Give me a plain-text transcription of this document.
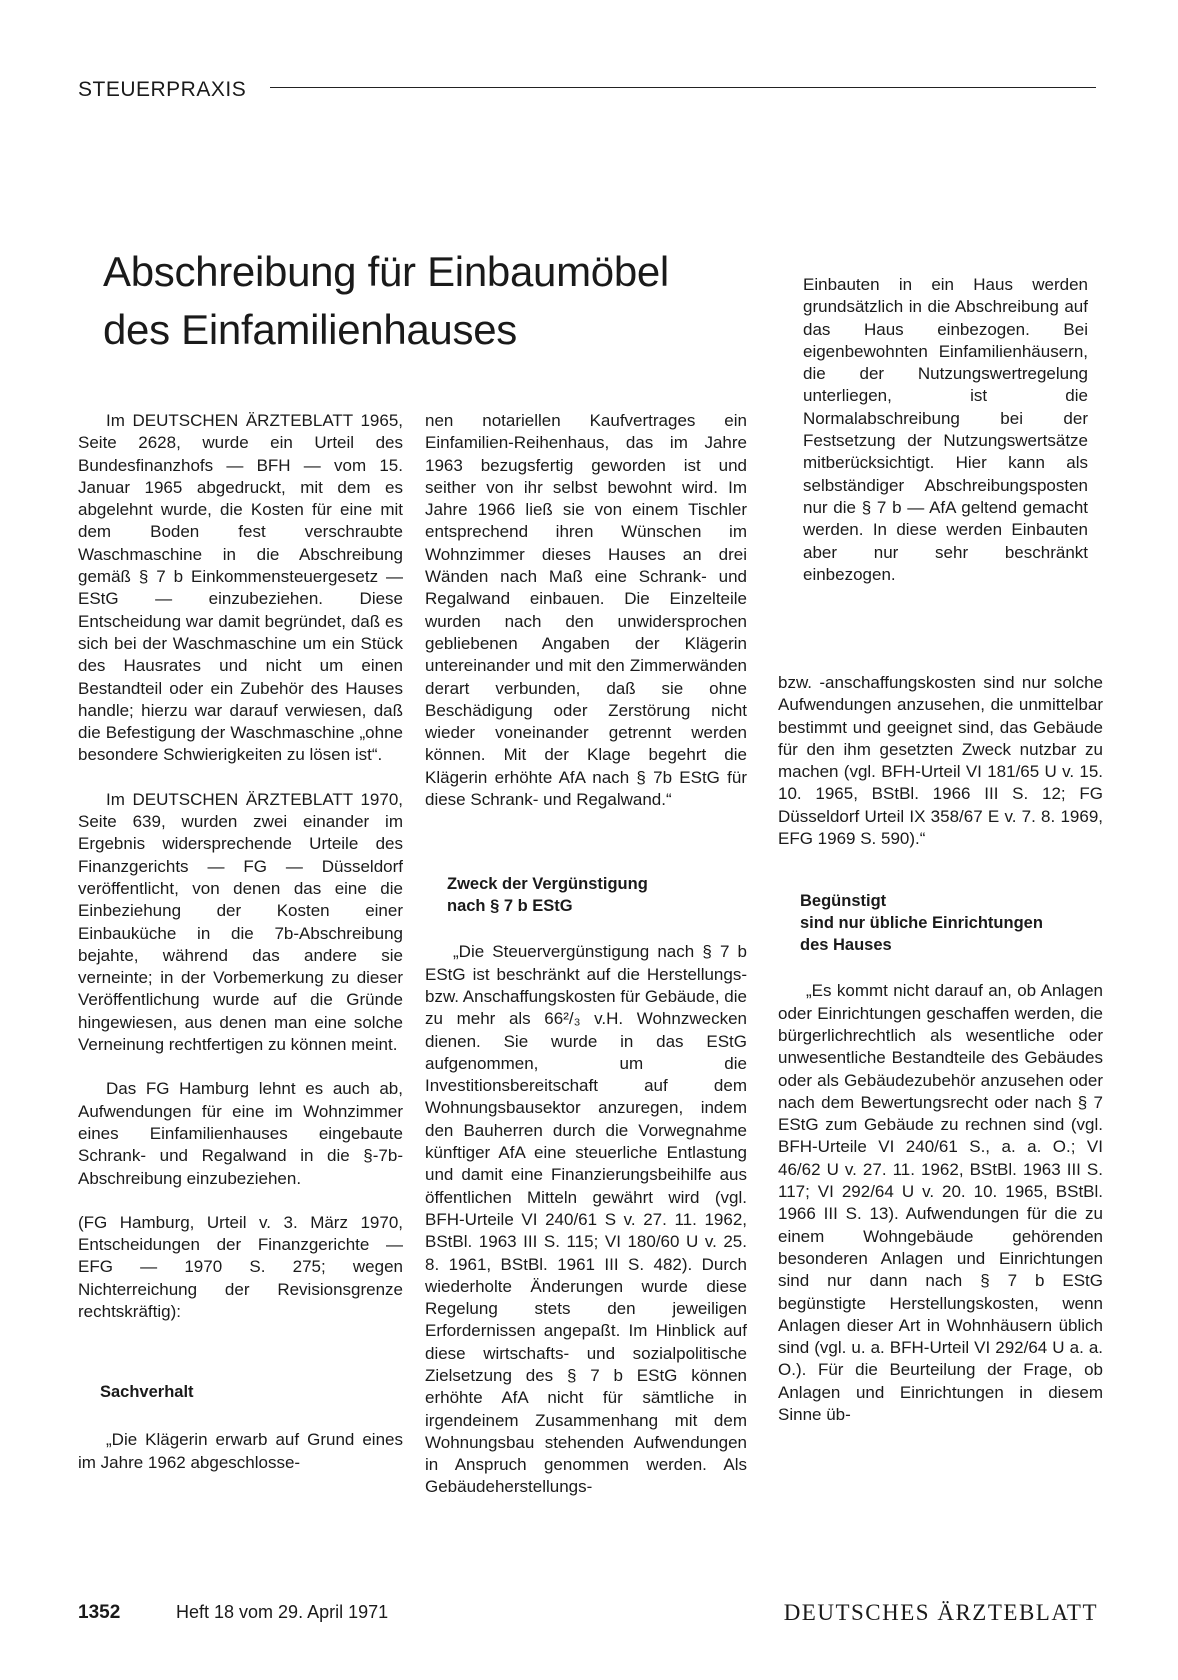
STEUERPRAXIS
Abschreibung für Einbaumöbel
des Einfamilienhauses

Einbauten in ein Haus werden grundsätzlich in die Abschreibung auf das Haus einbezogen. Bei eigenbewohnten Einfamilienhäusern, die der Nutzungswertregelung unterliegen, ist die Normalabschreibung bei der Festsetzung der Nutzungswertsätze mitberücksichtigt. Hier kann als selbständiger Abschreibungsposten nur die § 7 b — AfA geltend gemacht werden. In diese werden Einbauten aber nur sehr beschränkt einbezogen.

Im DEUTSCHEN ÄRZTEBLATT 1965, Seite 2628, wurde ein Urteil des Bundesfinanzhofs — BFH — vom 15. Januar 1965 abgedruckt, mit dem es abgelehnt wurde, die Kosten für eine mit dem Boden fest verschraubte Waschmaschine in die Abschreibung gemäß § 7 b Einkommensteuergesetz — EStG — einzubeziehen. Diese Entscheidung war damit begründet, daß es sich bei der Waschmaschine um ein Stück des Hausrates und nicht um einen Bestandteil oder ein Zubehör des Hauses handle; hierzu war darauf verwiesen, daß die Befestigung der Waschmaschine „ohne besondere Schwierigkeiten zu lösen ist“.

Im DEUTSCHEN ÄRZTEBLATT 1970, Seite 639, wurden zwei einander im Ergebnis widersprechende Urteile des Finanzgerichts — FG — Düsseldorf veröffentlicht, von denen das eine die Einbeziehung der Kosten einer Einbauküche in die 7b-Abschreibung bejahte, während das andere sie verneinte; in der Vorbemerkung zu dieser Veröffentlichung wurde auf die Gründe hingewiesen, aus denen man eine solche Verneinung rechtfertigen zu können meint.

Das FG Hamburg lehnt es auch ab, Aufwendungen für eine im Wohnzimmer eines Einfamilienhauses eingebaute Schrank- und Regalwand in die §-7b-Abschreibung einzubeziehen.

(FG Hamburg, Urteil v. 3. März 1970, Entscheidungen der Finanzgerichte — EFG — 1970 S. 275; wegen Nichterreichung der Revisionsgrenze rechtskräftig):

Sachverhalt

„Die Klägerin erwarb auf Grund eines im Jahre 1962 abgeschlosse-

nen notariellen Kaufvertrages ein Einfamilien-Reihenhaus, das im Jahre 1963 bezugsfertig geworden ist und seither von ihr selbst bewohnt wird. Im Jahre 1966 ließ sie von einem Tischler entsprechend ihren Wünschen im Wohnzimmer dieses Hauses an drei Wänden nach Maß eine Schrank- und Regalwand einbauen. Die Einzelteile wurden nach den unwidersprochen gebliebenen Angaben der Klägerin untereinander und mit den Zimmerwänden derart verbunden, daß sie ohne Beschädigung oder Zerstörung nicht wieder voneinander getrennt werden können. Mit der Klage begehrt die Klägerin erhöhte AfA nach § 7b EStG für diese Schrank- und Regalwand.“

Zweck der Vergünstigung
nach § 7 b EStG

„Die Steuervergünstigung nach § 7 b EStG ist beschränkt auf die Herstellungs- bzw. Anschaffungskosten für Gebäude, die zu mehr als 66²/₃ v.H. Wohnzwecken dienen. Sie wurde in das EStG aufgenommen, um die Investitionsbereitschaft auf dem Wohnungsbausektor anzuregen, indem den Bauherren durch die Vorwegnahme künftiger AfA eine steuerliche Entlastung und damit eine Finanzierungsbeihilfe aus öffentlichen Mitteln gewährt wird (vgl. BFH-Urteile VI 240/61 S v. 27. 11. 1962, BStBl. 1963 III S. 115; VI 180/60 U v. 25. 8. 1961, BStBl. 1961 III S. 482). Durch wiederholte Änderungen wurde diese Regelung stets den jeweiligen Erfordernissen angepaßt. Im Hinblick auf diese wirtschafts- und sozialpolitische Zielsetzung des § 7 b EStG können erhöhte AfA nicht für sämtliche in irgendeinem Zusammenhang mit dem Wohnungsbau stehenden Aufwendungen in Anspruch genommen werden. Als Gebäudeherstellungs-

bzw. -anschaffungskosten sind nur solche Aufwendungen anzusehen, die unmittelbar bestimmt und geeignet sind, das Gebäude für den ihm gesetzten Zweck nutzbar zu machen (vgl. BFH-Urteil VI 181/65 U v. 15. 10. 1965, BStBl. 1966 III S. 12; FG Düsseldorf Urteil IX 358/67 E v. 7. 8. 1969, EFG 1969 S. 590).“

Begünstigt
sind nur übliche Einrichtungen
des Hauses

„Es kommt nicht darauf an, ob Anlagen oder Einrichtungen geschaffen werden, die bürgerlichrechtlich als wesentliche oder unwesentliche Bestandteile des Gebäudes oder als Gebäudezubehör anzusehen oder nach dem Bewertungsrecht oder nach § 7 EStG zum Gebäude zu rechnen sind (vgl. BFH-Urteile VI 240/61 S., a. a. O.; VI 46/62 U v. 27. 11. 1962, BStBl. 1963 III S. 117; VI 292/64 U v. 20. 10. 1965, BStBl. 1966 III S. 13). Aufwendungen für die zu einem Wohngebäude gehörenden besonderen Anlagen und Einrichtungen sind nur dann nach § 7 b EStG begünstigte Herstellungskosten, wenn Anlagen dieser Art in Wohnhäusern üblich sind (vgl. u. a. BFH-Urteil VI 292/64 U a. a. O.). Für die Beurteilung der Frage, ob Anlagen und Einrichtungen in diesem Sinne üb-

1352	Heft 18 vom 29. April 1971	DEUTSCHES ÄRZTEBLATT
